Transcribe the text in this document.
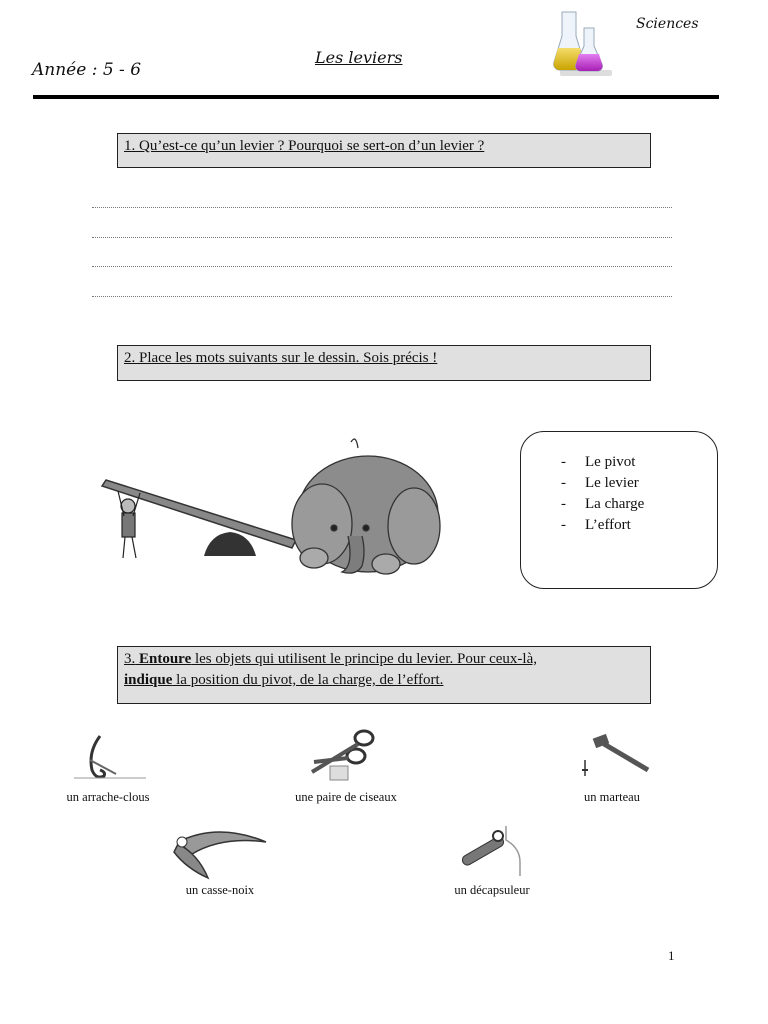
Sciences
Les leviers
Année : 5 - 6
1. Qu’est-ce qu’un levier ? Pourquoi se sert-on d’un levier ?
2. Place les mots suivants sur le dessin. Sois précis !
- Le pivot
- Le levier
- La charge
- L’effort
3. Entoure les objets qui utilisent le principe du levier. Pour ceux-là,
indique la position du pivot, de la charge, de l’effort.
un arrache-clous	une paire de ciseaux	un marteau
un casse-noix	un décapsuleur
1
